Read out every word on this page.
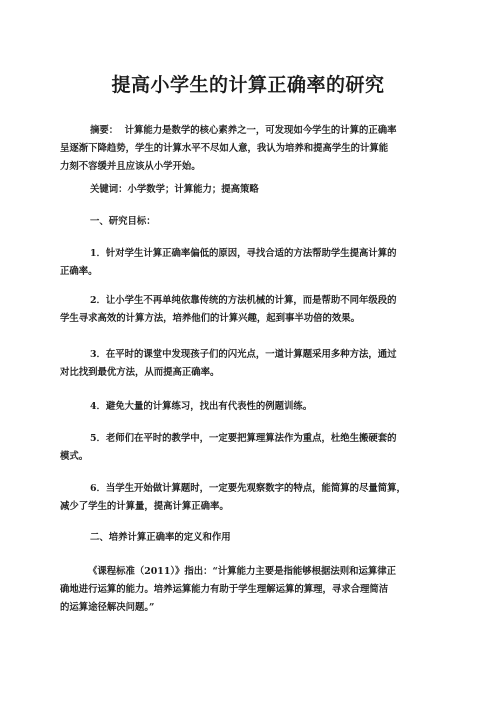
提高小学生的计算正确率的研究
摘要： 计算能力是数学的核心素养之一，可发现如今学生的计算的正确率
呈逐渐下降趋势，学生的计算水平不尽如人意，我认为培养和提高学生的计算能
力刻不容缓并且应该从小学开始。
关键词：小学数学；计算能力；提高策略
一、研究目标：
1．针对学生计算正确率偏低的原因，寻找合适的方法帮助学生提高计算的
正确率。
2．让小学生不再单纯依靠传统的方法机械的计算，而是帮助不同年级段的
学生寻求高效的计算方法，培养他们的计算兴趣，起到事半功倍的效果。
3．在平时的课堂中发现孩子们的闪光点，一道计算题采用多种方法，通过
对比找到最优方法，从而提高正确率。
4．避免大量的计算练习，找出有代表性的例题训练。
5．老师们在平时的教学中，一定要把算理算法作为重点，杜绝生搬硬套的
模式。
6．当学生开始做计算题时，一定要先观察数字的特点，能简算的尽量简算，
减少了学生的计算量，提高计算正确率。
二、培养计算正确率的定义和作用
《课程标准（2011）》指出：“计算能力主要是指能够根据法则和运算律正
确地进行运算的能力。培养运算能力有助于学生理解运算的算理，寻求合理简洁
的运算途径解决问题。”
